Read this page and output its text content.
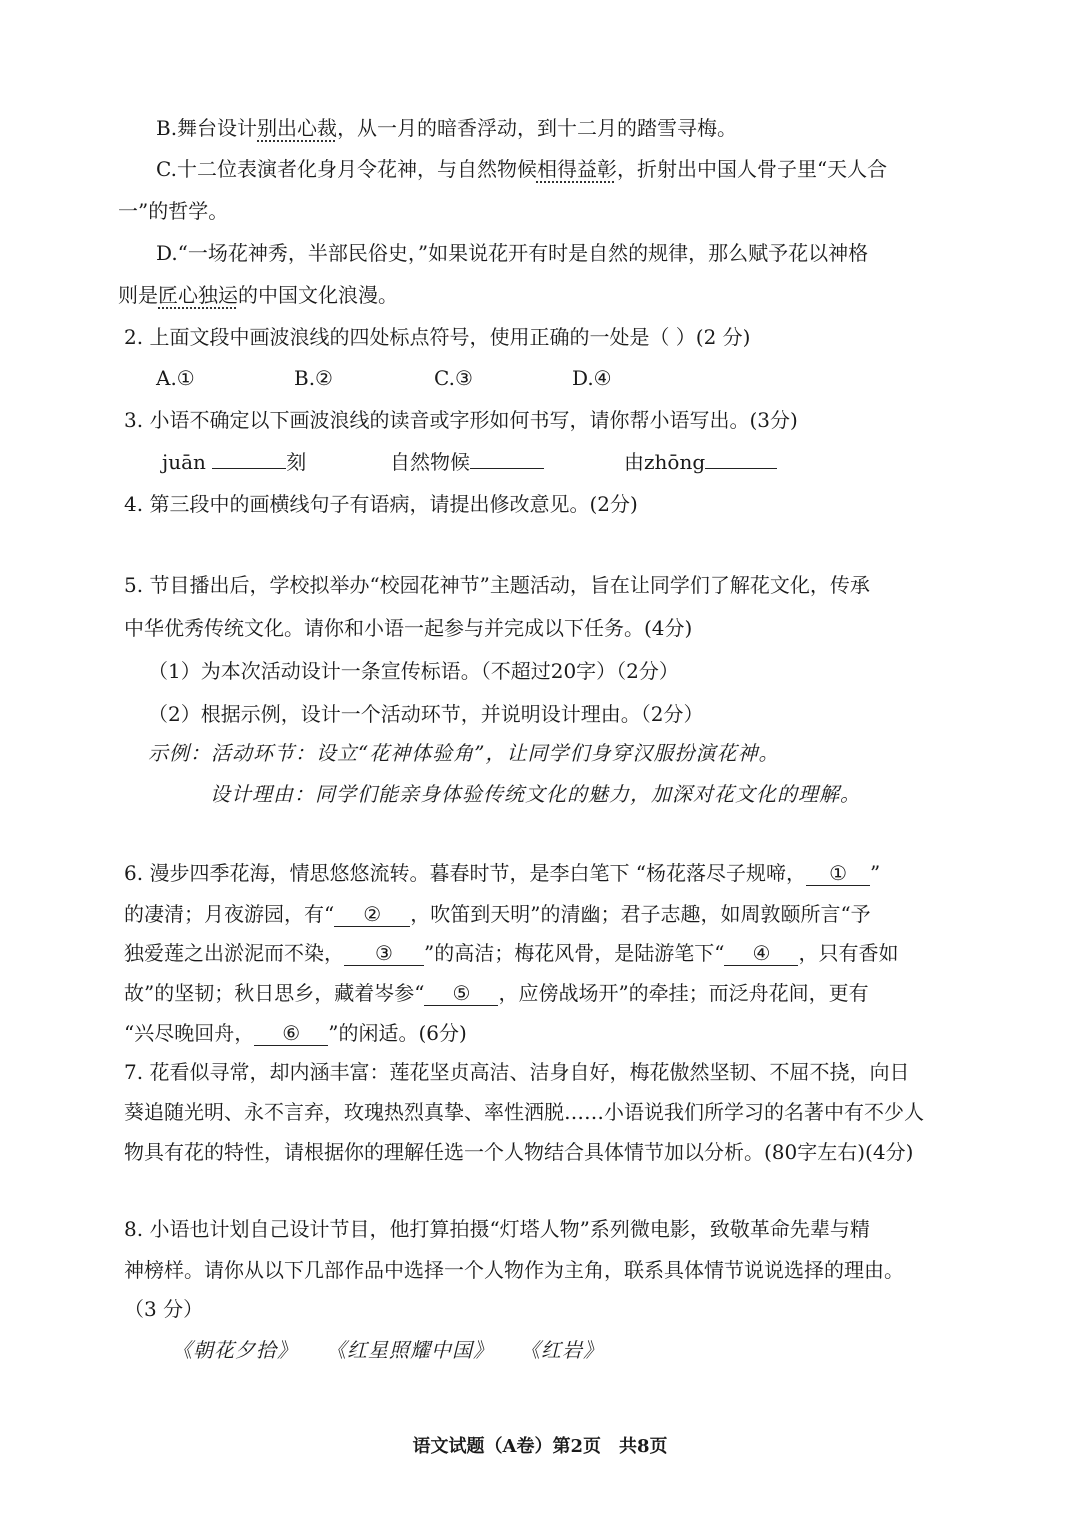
B.舞台设计别出心裁，从一月的暗香浮动，到十二月的踏雪寻梅。
C.十二位表演者化身月令花神，与自然物候相得益彰，折射出中国人骨子里“天人合
一”的哲学。
D.“一场花神秀，半部民俗史，”如果说花开有时是自然的规律，那么赋予花以神格
则是匠心独运的中国文化浪漫。
2. 上面文段中画波浪线的四处标点符号，使用正确的一处是（ ）(2 分)
A.①	B.②	C.③	D.④
3. 小语不确定以下画波浪线的读音或字形如何书写，请你帮小语写出。(3分)
juān	刻	自然物候	由zhōng
4. 第三段中的画横线句子有语病，请提出修改意见。(2分)
5. 节目播出后，学校拟举办“校园花神节”主题活动，旨在让同学们了解花文化，传承
中华优秀传统文化。请你和小语一起参与并完成以下任务。(4分)
（1）为本次活动设计一条宣传标语。（不超过20字）（2分）
（2）根据示例，设计一个活动环节，并说明设计理由。（2分）
示例：活动环节：设立“花神体验角”，让同学们身穿汉服扮演花神。
设计理由：同学们能亲身体验传统文化的魅力，加深对花文化的理解。
6. 漫步四季花海，情思悠悠流转。暮春时节，是李白笔下 “杨花落尽子规啼， ① ”
的凄清；月夜游园，有“ ② ，吹笛到天明”的清幽；君子志趣，如周敦颐所言“予
独爱莲之出淤泥而不染， ③ ”的高洁；梅花风骨，是陆游笔下“ ④ ，只有香如
故”的坚韧；秋日思乡，藏着岑参“ ⑤ ，应傍战场开”的牵挂；而泛舟花间，更有
“兴尽晚回舟， ⑥ ”的闲适。(6分)
7. 花看似寻常，却内涵丰富：莲花坚贞高洁、洁身自好，梅花傲然坚韧、不屈不挠，向日
葵追随光明、永不言弃，玫瑰热烈真挚、率性洒脱……小语说我们所学习的名著中有不少人
物具有花的特性，请根据你的理解任选一个人物结合具体情节加以分析。(80字左右)(4分)
8. 小语也计划自己设计节目，他打算拍摄“灯塔人物”系列微电影，致敬革命先辈与精
神榜样。请你从以下几部作品中选择一个人物作为主角，联系具体情节说说选择的理由。
（3 分）
《朝花夕拾》 《红星照耀中国》 《红岩》
语文试题（A卷）第2页　共8页
